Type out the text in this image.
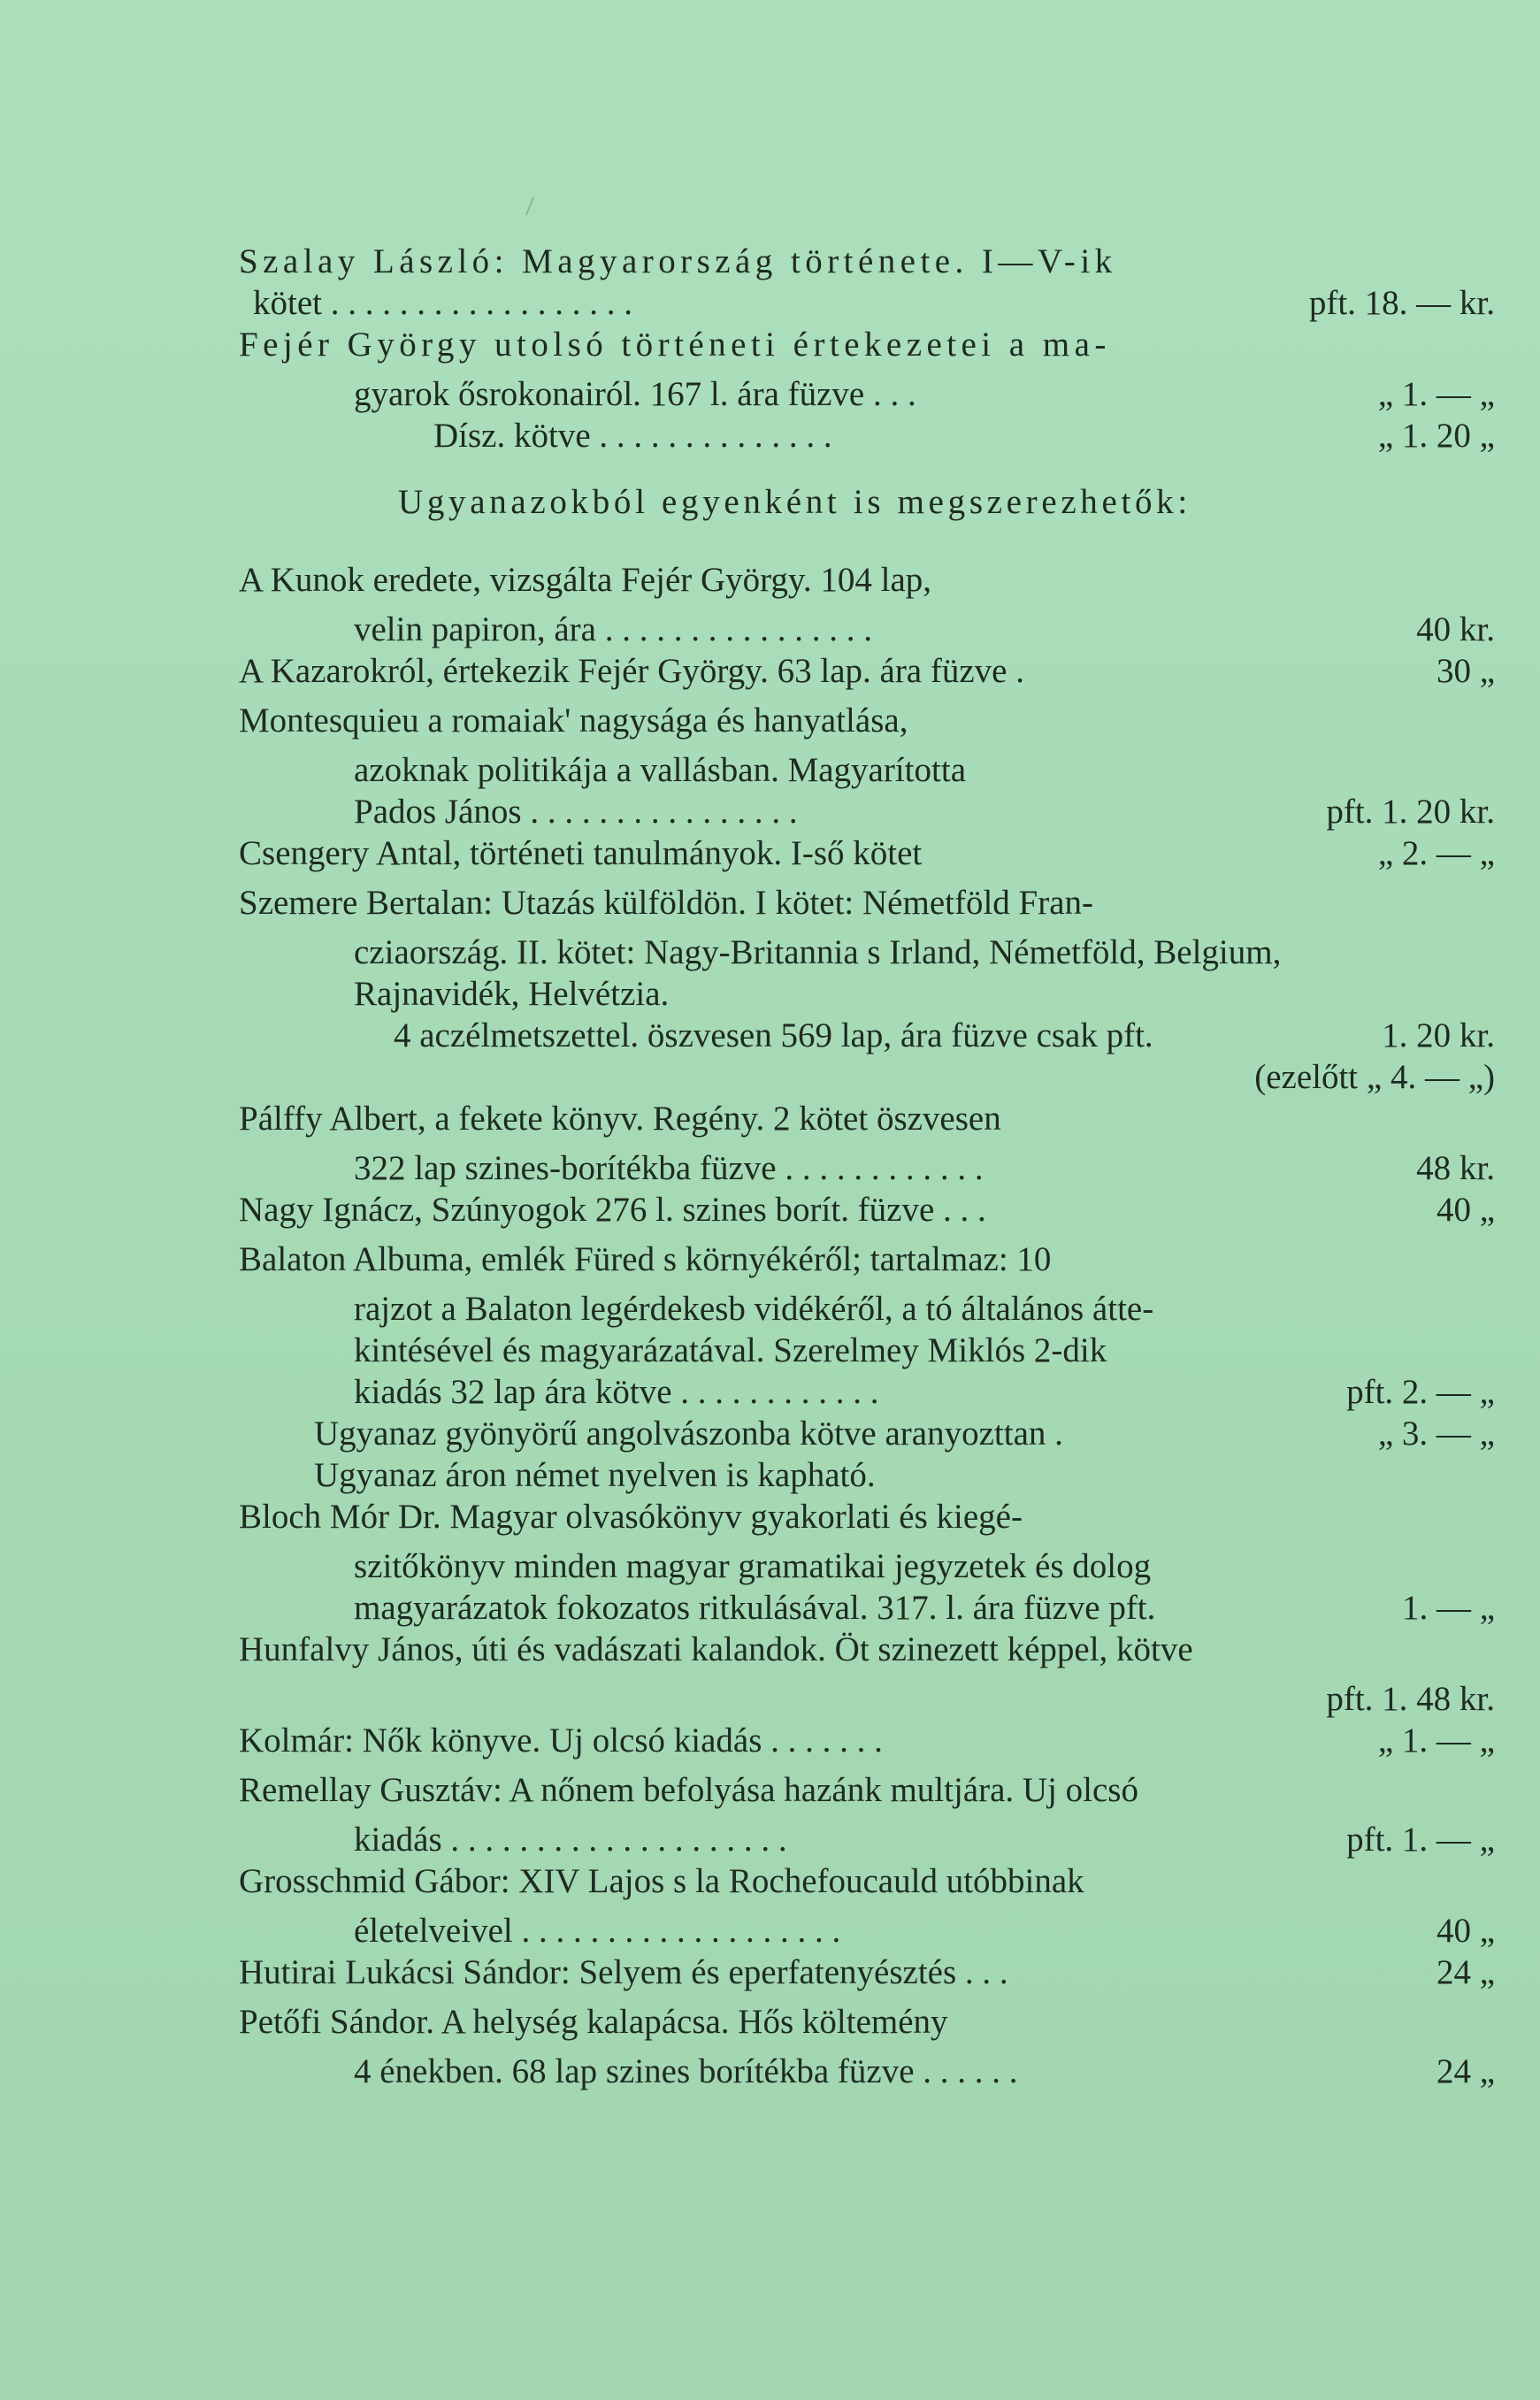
Szalay László: Magyarország története. I—V-ik
kötet . . . . . . . . . . . . . . . . . .	pft. 18. — kr.
Fejér György utolsó történeti értekezetei a ma-
gyarok ősrokonairól. 167 l. ára füzve . . .	„ 1. — „
Dísz. kötve . . . . . . . . . . . . . .	„ 1. 20 „
Ugyanazokból egyenként is megszerezhetők:
A Kunok eredete, vizsgálta Fejér György. 104 lap,
velin papiron, ára . . . . . . . . . . . . . . . .	40 kr.
A Kazarokról, értekezik Fejér György. 63 lap. ára füzve .	30 „
Montesquieu a romaiak' nagysága és hanyatlása,
azoknak politikája a vallásban. Magyarította
Pados János . . . . . . . . . . . . . . . .	pft. 1. 20 kr.
Csengery Antal, történeti tanulmányok. I-ső kötet	„ 2. — „
Szemere Bertalan: Utazás külföldön. I kötet: Németföld Fran-
cziaország. II. kötet: Nagy-Britannia s Irland, Németföld, Belgium,
Rajnavidék, Helvétzia.
4 aczélmetszettel. öszvesen 569 lap, ára füzve csak pft.	1. 20 kr.
(ezelőtt „ 4. — „)
Pálffy Albert, a fekete könyv. Regény. 2 kötet öszvesen
322 lap szines-borítékba füzve . . . . . . . . . . . .	48 kr.
Nagy Ignácz, Szúnyogok 276 l. szines borít. füzve . . .	40 „
Balaton Albuma, emlék Füred s környékéről; tartalmaz: 10
rajzot a Balaton legérdekesb vidékéről, a tó általános átte-
kintésével és magyarázatával. Szerelmey Miklós 2-dik
kiadás 32 lap ára kötve . . . . . . . . . . . .	pft. 2. — „
Ugyanaz gyönyörű angolvászonba kötve aranyozttan .	„ 3. — „
Ugyanaz áron német nyelven is kapható.
Bloch Mór Dr. Magyar olvasókönyv gyakorlati és kiegé-
szitőkönyv minden magyar gramatikai jegyzetek és dolog
magyarázatok fokozatos ritkulásával. 317. l. ára füzve pft.	1. — „
Hunfalvy János, úti és vadászati kalandok. Öt szinezett képpel, kötve
pft. 1. 48 kr.
Kolmár: Nők könyve. Uj olcsó kiadás . . . . . . .	„ 1. — „
Remellay Gusztáv: A nőnem befolyása hazánk multjára. Uj olcsó
kiadás . . . . . . . . . . . . . . . . . . . .	pft. 1. — „
Grosschmid Gábor: XIV Lajos s la Rochefoucauld utóbbinak
életelveivel . . . . . . . . . . . . . . . . . . .	40 „
Hutirai Lukácsi Sándor: Selyem és eperfatenyésztés . . .	24 „
Petőfi Sándor. A helység kalapácsa. Hős költemény
4 énekben. 68 lap szines borítékba füzve . . . . . .	24 „
